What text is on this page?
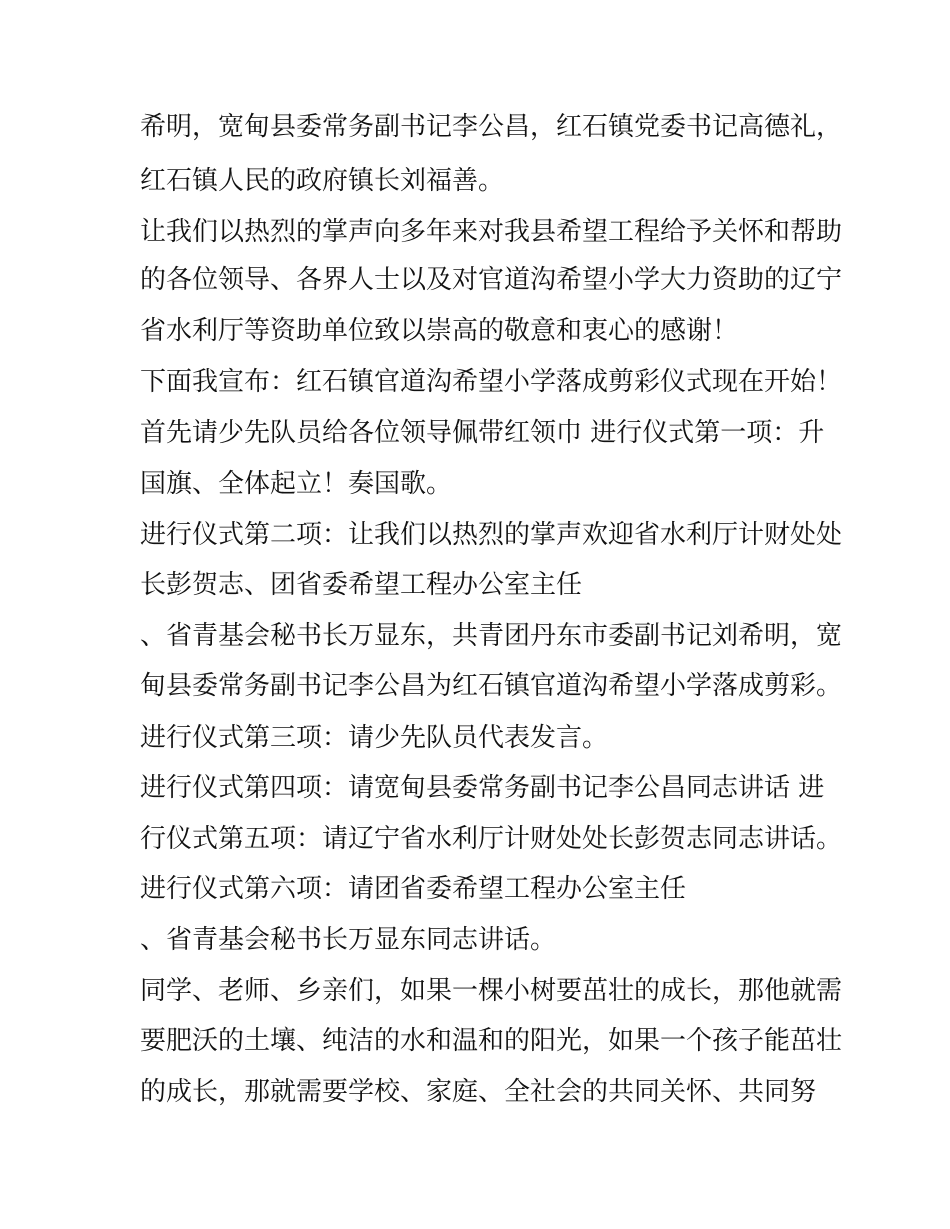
希明，宽甸县委常务副书记李公昌，红石镇党委书记高德礼，
红石镇人民的政府镇长刘福善。
让我们以热烈的掌声向多年来对我县希望工程给予关怀和帮助
的各位领导、各界人士以及对官道沟希望小学大力资助的辽宁
省水利厅等资助单位致以崇高的敬意和衷心的感谢！
下面我宣布：红石镇官道沟希望小学落成剪彩仪式现在开始！
首先请少先队员给各位领导佩带红领巾 进行仪式第一项：升
国旗、全体起立！奏国歌。
进行仪式第二项：让我们以热烈的掌声欢迎省水利厅计财处处
长彭贺志、团省委希望工程办公室主任
、省青基会秘书长万显东，共青团丹东市委副书记刘希明，宽
甸县委常务副书记李公昌为红石镇官道沟希望小学落成剪彩。
进行仪式第三项：请少先队员代表发言。
进行仪式第四项：请宽甸县委常务副书记李公昌同志讲话 进
行仪式第五项：请辽宁省水利厅计财处处长彭贺志同志讲话。
进行仪式第六项：请团省委希望工程办公室主任
、省青基会秘书长万显东同志讲话。
同学、老师、乡亲们，如果一棵小树要茁壮的成长，那他就需
要肥沃的土壤、纯洁的水和温和的阳光，如果一个孩子能茁壮
的成长，那就需要学校、家庭、全社会的共同关怀、共同努
